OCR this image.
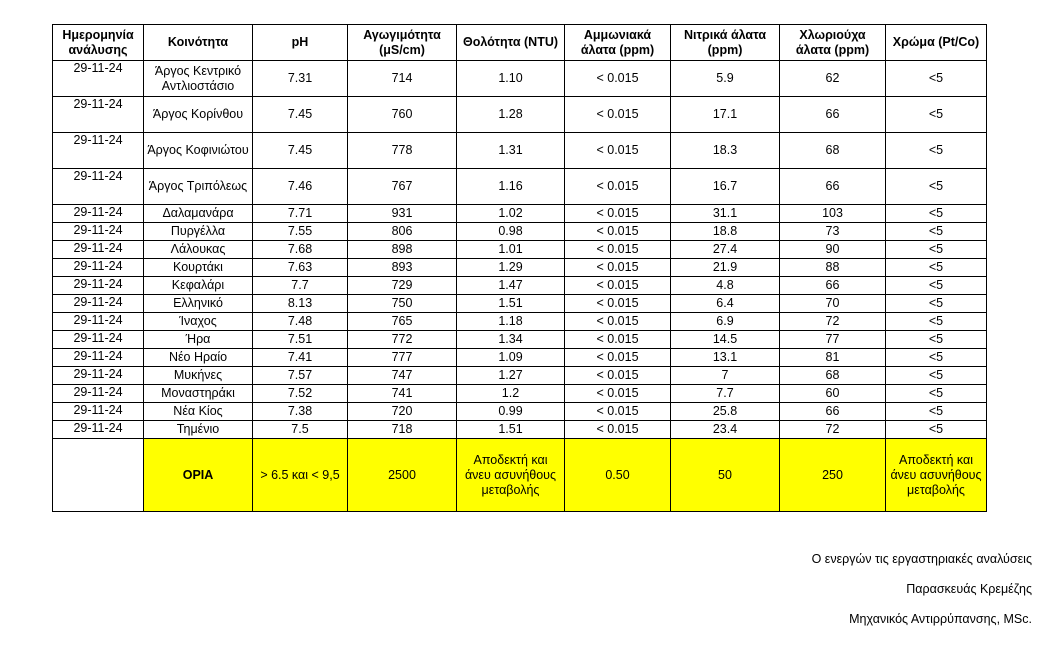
Ημερομηνία ανάλυσης	Κοινότητα	pH	Αγωγιμότητα (μS/cm)	Θολότητα (NTU)	Αμμωνιακά άλατα (ppm)	Νιτρικά άλατα (ppm)	Χλωριούχα άλατα (ppm)	Χρώμα (Pt/Co)
29-11-24	Άργος Κεντρικό Αντλιοστάσιο	7.31	714	1.10	< 0.015	5.9	62	<5
29-11-24	Άργος Κορίνθου	7.45	760	1.28	< 0.015	17.1	66	<5
29-11-24	Άργος Κοφινιώτου	7.45	778	1.31	< 0.015	18.3	68	<5
29-11-24	Άργος Τριπόλεως	7.46	767	1.16	< 0.015	16.7	66	<5
29-11-24	Δαλαμανάρα	7.71	931	1.02	< 0.015	31.1	103	<5
29-11-24	Πυργέλλα	7.55	806	0.98	< 0.015	18.8	73	<5
29-11-24	Λάλουκας	7.68	898	1.01	< 0.015	27.4	90	<5
29-11-24	Κουρτάκι	7.63	893	1.29	< 0.015	21.9	88	<5
29-11-24	Κεφαλάρι	7.7	729	1.47	< 0.015	4.8	66	<5
29-11-24	Ελληνικό	8.13	750	1.51	< 0.015	6.4	70	<5
29-11-24	Ίναχος	7.48	765	1.18	< 0.015	6.9	72	<5
29-11-24	Ήρα	7.51	772	1.34	< 0.015	14.5	77	<5
29-11-24	Νέο Ηραίο	7.41	777	1.09	< 0.015	13.1	81	<5
29-11-24	Μυκήνες	7.57	747	1.27	< 0.015	7	68	<5
29-11-24	Μοναστηράκι	7.52	741	1.2	< 0.015	7.7	60	<5
29-11-24	Νέα Κίος	7.38	720	0.99	< 0.015	25.8	66	<5
29-11-24	Τημένιο	7.5	718	1.51	< 0.015	23.4	72	<5
	ΟΡΙΑ	> 6.5 και < 9,5	2500	Αποδεκτή και άνευ ασυνήθους μεταβολής	0.50	50	250	Αποδεκτή και άνευ ασυνήθους μεταβολής
Ο ενεργών τις εργαστηριακές αναλύσεις
Παρασκευάς Κρεμέζης
Μηχανικός Αντιρρύπανσης, MSc.
